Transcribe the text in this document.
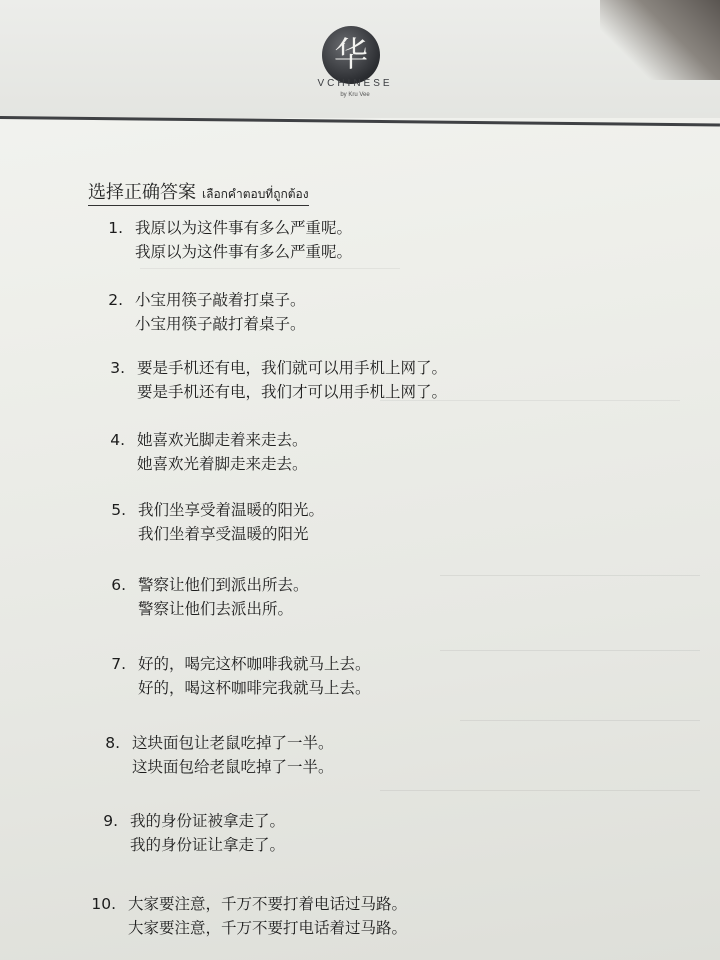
华
VCHINESE
by Kru Vee
选择正确答案 เลือกคำตอบที่ถูกต้อง
1. 我原以为这件事有多么严重呢。
我原以为这件事有多么严重呢。
2. 小宝用筷子敲着打桌子。
小宝用筷子敲打着桌子。
3. 要是手机还有电，我们就可以用手机上网了。
要是手机还有电，我们才可以用手机上网了。
4. 她喜欢光脚走着来走去。
她喜欢光着脚走来走去。
5. 我们坐享受着温暖的阳光。
我们坐着享受温暖的阳光
6. 警察让他们到派出所去。
警察让他们去派出所。
7. 好的，喝完这杯咖啡我就马上去。
好的，喝这杯咖啡完我就马上去。
8. 这块面包让老鼠吃掉了一半。
这块面包给老鼠吃掉了一半。
9. 我的身份证被拿走了。
我的身份证让拿走了。
10. 大家要注意，千万不要打着电话过马路。
大家要注意，千万不要打电话着过马路。
